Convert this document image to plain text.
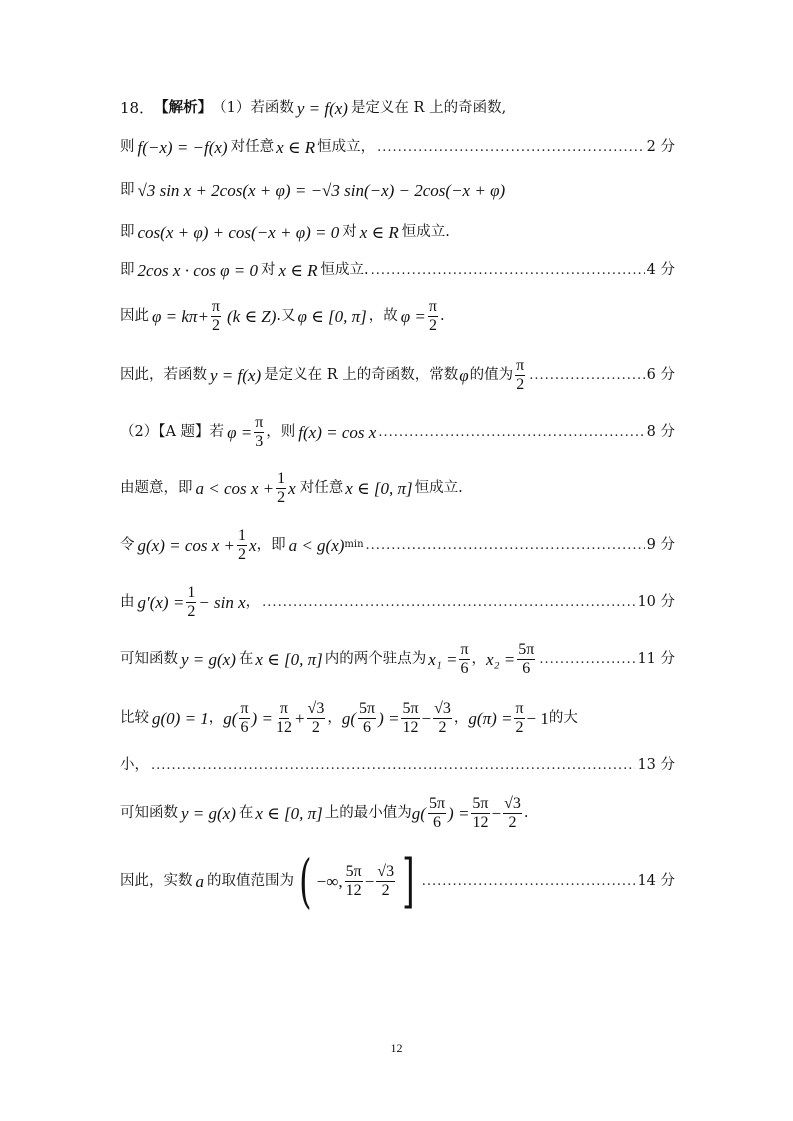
18． 【解析】 （1）若函数 y = f(x) 是定义在 R 上的奇函数,
则 f(−x) = −f(x) 对任意 x ∈ R 恒成立， .....	2 分
即 √3 sin x + 2cos(x + φ) = −√3 sin(−x) − 2cos(−x + φ)
即 cos(x + φ) + cos(−x + φ) = 0 对 x ∈ R 恒成立.
即 2cos x · cos φ = 0 对 x ∈ R 恒成立. .....	4 分
因此 $\varphi = k\pi+ \frac{\pi}{2} (k$ ∈ Z) .又 φ ∈ [0, π] ，故 $\varphi = \frac{\pi}{2}$ .
因此，若函数 y = f(x) 是定义在 R 上的奇函数，常数 φ 的值为 $\frac{\pi}{2}$ .....	6 分
（2）【A 题】若 $\varphi = \frac{\pi}{3}$ ，则 f(x) = cos x .....	8 分
由题意，即 $a < \cos x + \frac{1}{2}$ x 对任意 x ∈ [0, π] 恒成立.
令 $g(x) = \cos x + \frac{1}{2}$ x ，即 a < g(x) min .....	9 分
由 $g'(x) = \frac{1}{2} - \sin x$ ， .....	10 分
可知函数 y = g(x) 在 x ∈ [0, π] 内的两个驻点为 $x_1 = \frac{\pi}{6}$ ， $x_2 = \frac{5\pi}{6}$ .....	11 分
比较 g(0) = 1 ， $g( \frac{\pi}{6}$ ) = $\frac{\pi}{12} + \frac{√3}{2}$ ， $g( \frac{5\pi}{6}$ ) = $\frac{5\pi}{12} - \frac{√3}{2}$ ， $g(\pi) = \frac{\pi}{2} - 1$ 的大
小， .....	13 分
可知函数 y = g(x) 在 x ∈ [0, π] 上的最小值为 $g( \frac{5\pi}{6}$ ) = $\frac{5\pi}{12} - \frac{√3}{2}$ .
因此，实数 a 的取值范围为 ( −∞, $\frac{5\pi}{12} - \frac{√3}{2}$ ] .....	14 分
12
